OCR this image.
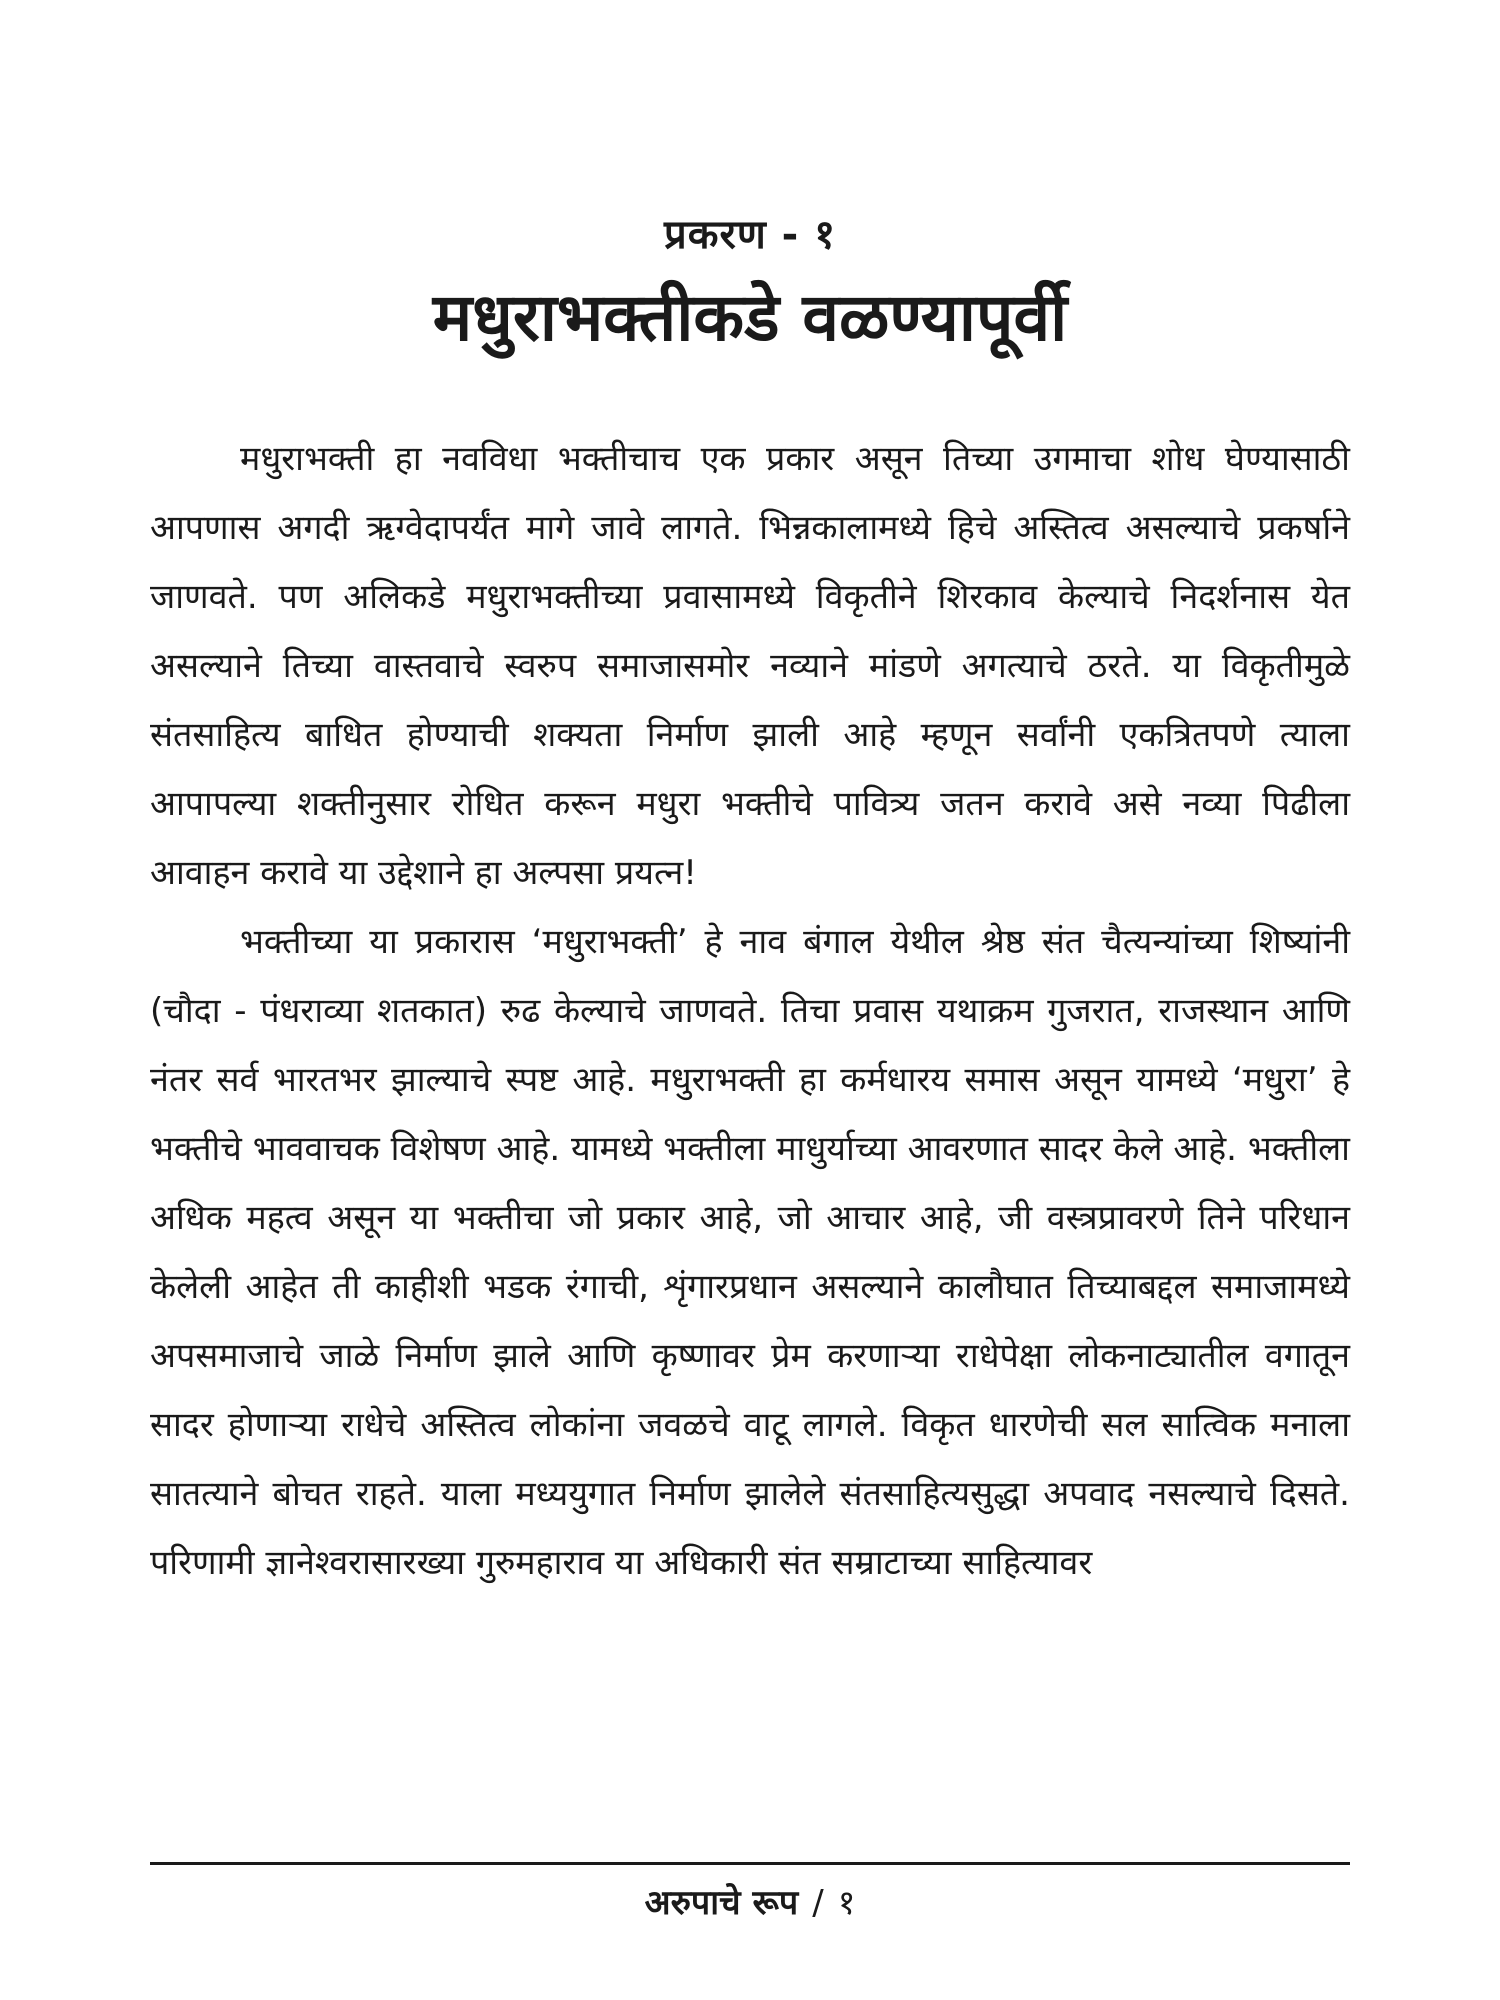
प्रकरण - १
मधुराभक्तीकडे वळण्यापूर्वी

मधुराभक्ती हा नवविधा भक्तीचाच एक प्रकार असून तिच्या उगमाचा शोध घेण्यासाठी आपणास अगदी ऋग्वेदापर्यंत मागे जावे लागते. भिन्नकालामध्ये हिचे अस्तित्व असल्याचे प्रकर्षाने जाणवते. पण अलिकडे मधुराभक्तीच्या प्रवासामध्ये विकृतीने शिरकाव केल्याचे निदर्शनास येत असल्याने तिच्या वास्तवाचे स्वरुप समाजासमोर नव्याने मांडणे अगत्याचे ठरते. या विकृतीमुळे संतसाहित्य बाधित होण्याची शक्यता निर्माण झाली आहे म्हणून सर्वांनी एकत्रितपणे त्याला आपापल्या शक्तीनुसार रोधित करून मधुरा भक्तीचे पावित्र्य जतन करावे असे नव्या पिढीला आवाहन करावे या उद्देशाने हा अल्पसा प्रयत्न!

भक्तीच्या या प्रकारास ‘मधुराभक्ती’ हे नाव बंगाल येथील श्रेष्ठ संत चैत्यन्यांच्या शिष्यांनी (चौदा - पंधराव्या शतकात) रुढ केल्याचे जाणवते. तिचा प्रवास यथाक्रम गुजरात, राजस्थान आणि नंतर सर्व भारतभर झाल्याचे स्पष्ट आहे. मधुराभक्ती हा कर्मधारय समास असून यामध्ये ‘मधुरा’ हे भक्तीचे भाववाचक विशेषण आहे. यामध्ये भक्तीला माधुर्याच्या आवरणात सादर केले आहे. भक्तीला अधिक महत्व असून या भक्तीचा जो प्रकार आहे, जो आचार आहे, जी वस्त्रप्रावरणे तिने परिधान केलेली आहेत ती काहीशी भडक रंगाची, शृंगारप्रधान असल्याने कालौघात तिच्याबद्दल समाजामध्ये अपसमाजाचे जाळे निर्माण झाले आणि कृष्णावर प्रेम करणाऱ्या राधेपेक्षा लोकनाट्यातील वगातून सादर होणाऱ्या राधेचे अस्तित्व लोकांना जवळचे वाटू लागले. विकृत धारणेची सल सात्विक मनाला सातत्याने बोचत राहते. याला मध्ययुगात निर्माण झालेले संतसाहित्यसुद्धा अपवाद नसल्याचे दिसते. परिणामी ज्ञानेश्वरासारख्या गुरुमहाराव या अधिकारी संत सम्राटाच्या साहित्यावर

अरुपाचे रूप / १
